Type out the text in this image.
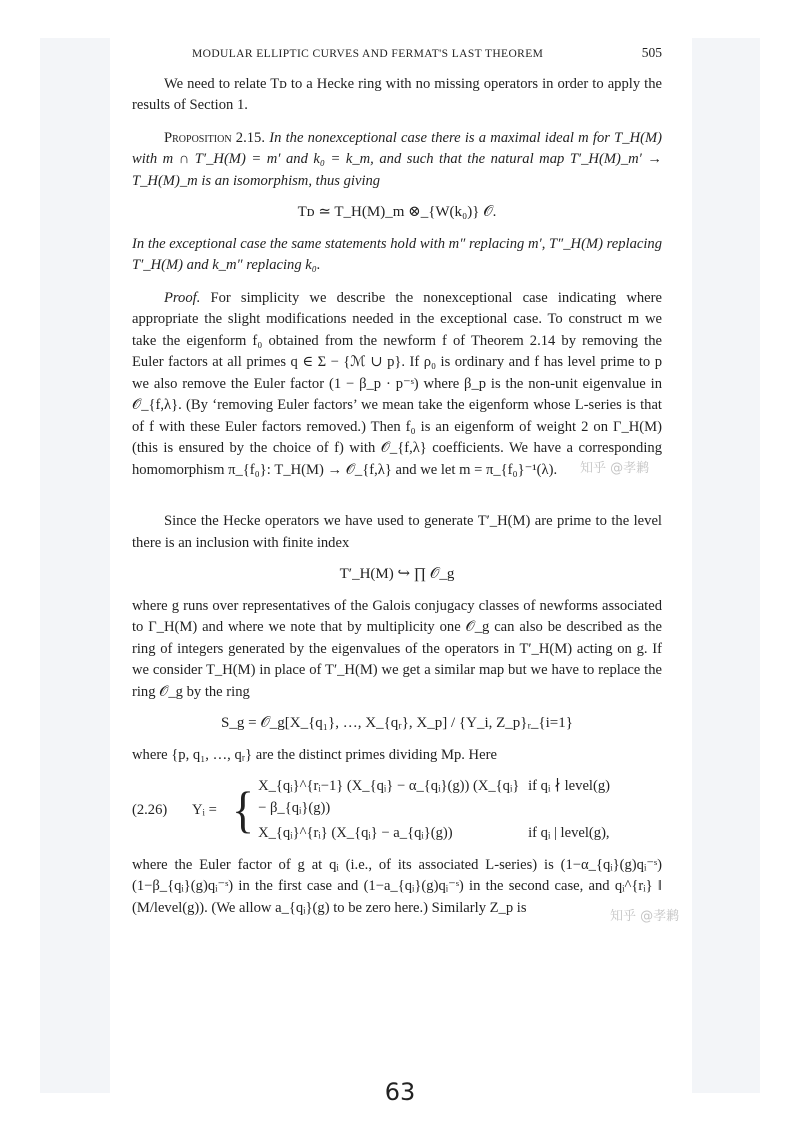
MODULAR ELLIPTIC CURVES AND FERMAT'S LAST THEOREM	505

We need to relate Tᴅ to a Hecke ring with no missing operators in order to apply the results of Section 1.

Proposition 2.15. In the nonexceptional case there is a maximal ideal m for T_H(M) with m ∩ T′_H(M) = m′ and k₀ = k_m, and such that the natural map T′_H(M)_m′ → T_H(M)_m is an isomorphism, thus giving

Tᴅ ≃ T_H(M)_m ⊗_{W(k₀)} 𝒪.

In the exceptional case the same statements hold with m″ replacing m′, T″_H(M) replacing T′_H(M) and k_m″ replacing k₀.

Proof. For simplicity we describe the nonexceptional case indicating where appropriate the slight modifications needed in the exceptional case. To construct m we take the eigenform f₀ obtained from the newform f of Theorem 2.14 by removing the Euler factors at all primes q ∈ Σ − {ℳ ∪ p}. If ρ₀ is ordinary and f has level prime to p we also remove the Euler factor (1 − β_p · p⁻ˢ) where β_p is the non-unit eigenvalue in 𝒪_{f,λ}. (By ‘removing Euler factors’ we mean take the eigenform whose L-series is that of f with these Euler factors removed.) Then f₀ is an eigenform of weight 2 on Γ_H(M) (this is ensured by the choice of f) with 𝒪_{f,λ} coefficients. We have a corresponding homomorphism π_{f₀}: T_H(M) → 𝒪_{f,λ} and we let m = π_{f₀}⁻¹(λ).

Since the Hecke operators we have used to generate T′_H(M) are prime to the level there is an inclusion with finite index

T′_H(M) ↪ ∏ 𝒪_g

where g runs over representatives of the Galois conjugacy classes of newforms associated to Γ_H(M) and where we note that by multiplicity one 𝒪_g can also be described as the ring of integers generated by the eigenvalues of the operators in T′_H(M) acting on g. If we consider T_H(M) in place of T′_H(M) we get a similar map but we have to replace the ring 𝒪_g by the ring

S_g = 𝒪_g[X_{q₁}, …, X_{qᵣ}, X_p] / {Y_i, Z_p}ᵣ_{i=1}

where {p, q₁, …, qᵣ} are the distinct primes dividing Mp. Here

(2.26)	Yᵢ = { X_{qᵢ}^{rᵢ−1} (X_{qᵢ} − α_{qᵢ}(g)) (X_{qᵢ} − β_{qᵢ}(g))
if qᵢ ∤ level(g)
X_{qᵢ}^{rᵢ} (X_{qᵢ} − a_{qᵢ}(g))	if qᵢ | level(g),

where the Euler factor of g at qᵢ (i.e., of its associated L-series) is (1−α_{qᵢ}(g)qᵢ⁻ˢ)(1−β_{qᵢ}(g)qᵢ⁻ˢ) in the first case and (1−a_{qᵢ}(g)qᵢ⁻ˢ) in the second case, and qᵢ^{rᵢ} ‖ (M/level(g)). (We allow a_{qᵢ}(g) to be zero here.) Similarly Z_p is

知乎 @孝鹣
知乎 @孝鹣
63
